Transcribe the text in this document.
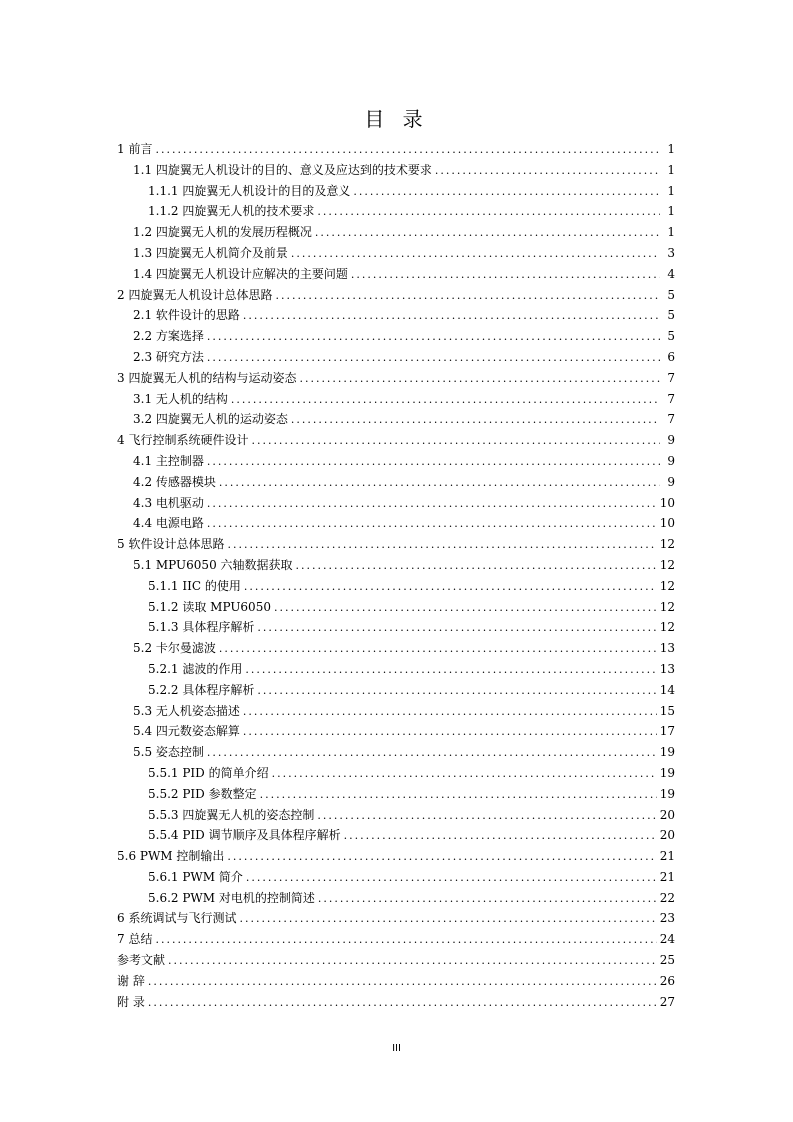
目 录
1 前言 .....	1
1.1 四旋翼无人机设计的目的、意义及应达到的技术要求 .....	1
1.1.1 四旋翼无人机设计的目的及意义 .....	1
1.1.2 四旋翼无人机的技术要求 .....	1
1.2 四旋翼无人机的发展历程概况 .....	1
1.3 四旋翼无人机简介及前景 .....	3
1.4 四旋翼无人机设计应解决的主要问题 .....	4
2 四旋翼无人机设计总体思路 .....	5
2.1 软件设计的思路 .....	5
2.2 方案选择 .....	5
2.3 研究方法 .....	6
3 四旋翼无人机的结构与运动姿态 .....	7
3.1 无人机的结构 .....	7
3.2 四旋翼无人机的运动姿态 .....	7
4 飞行控制系统硬件设计 .....	9
4.1 主控制器 .....	9
4.2 传感器模块 .....	9
4.3 电机驱动 .....	10
4.4 电源电路 .....	10
5 软件设计总体思路 .....	12
5.1 MPU6050 六轴数据获取 .....	12
5.1.1 IIC 的使用 .....	12
5.1.2 读取 MPU6050 .....	12
5.1.3 具体程序解析 .....	12
5.2 卡尔曼滤波 .....	13
5.2.1 滤波的作用 .....	13
5.2.2 具体程序解析 .....	14
5.3 无人机姿态描述 .....	15
5.4 四元数姿态解算 .....	17
5.5 姿态控制 .....	19
5.5.1 PID 的简单介绍 .....	19
5.5.2 PID 参数整定 .....	19
5.5.3 四旋翼无人机的姿态控制 .....	20
5.5.4 PID 调节顺序及具体程序解析 .....	20
5.6 PWM 控制输出 .....	21
5.6.1 PWM 简介 .....	21
5.6.2 PWM 对电机的控制简述 .....	22
6 系统调试与飞行测试 .....	23
7 总结 .....	24
参考文献 .....	25
谢 辞 .....	26
附 录 .....	27
III
